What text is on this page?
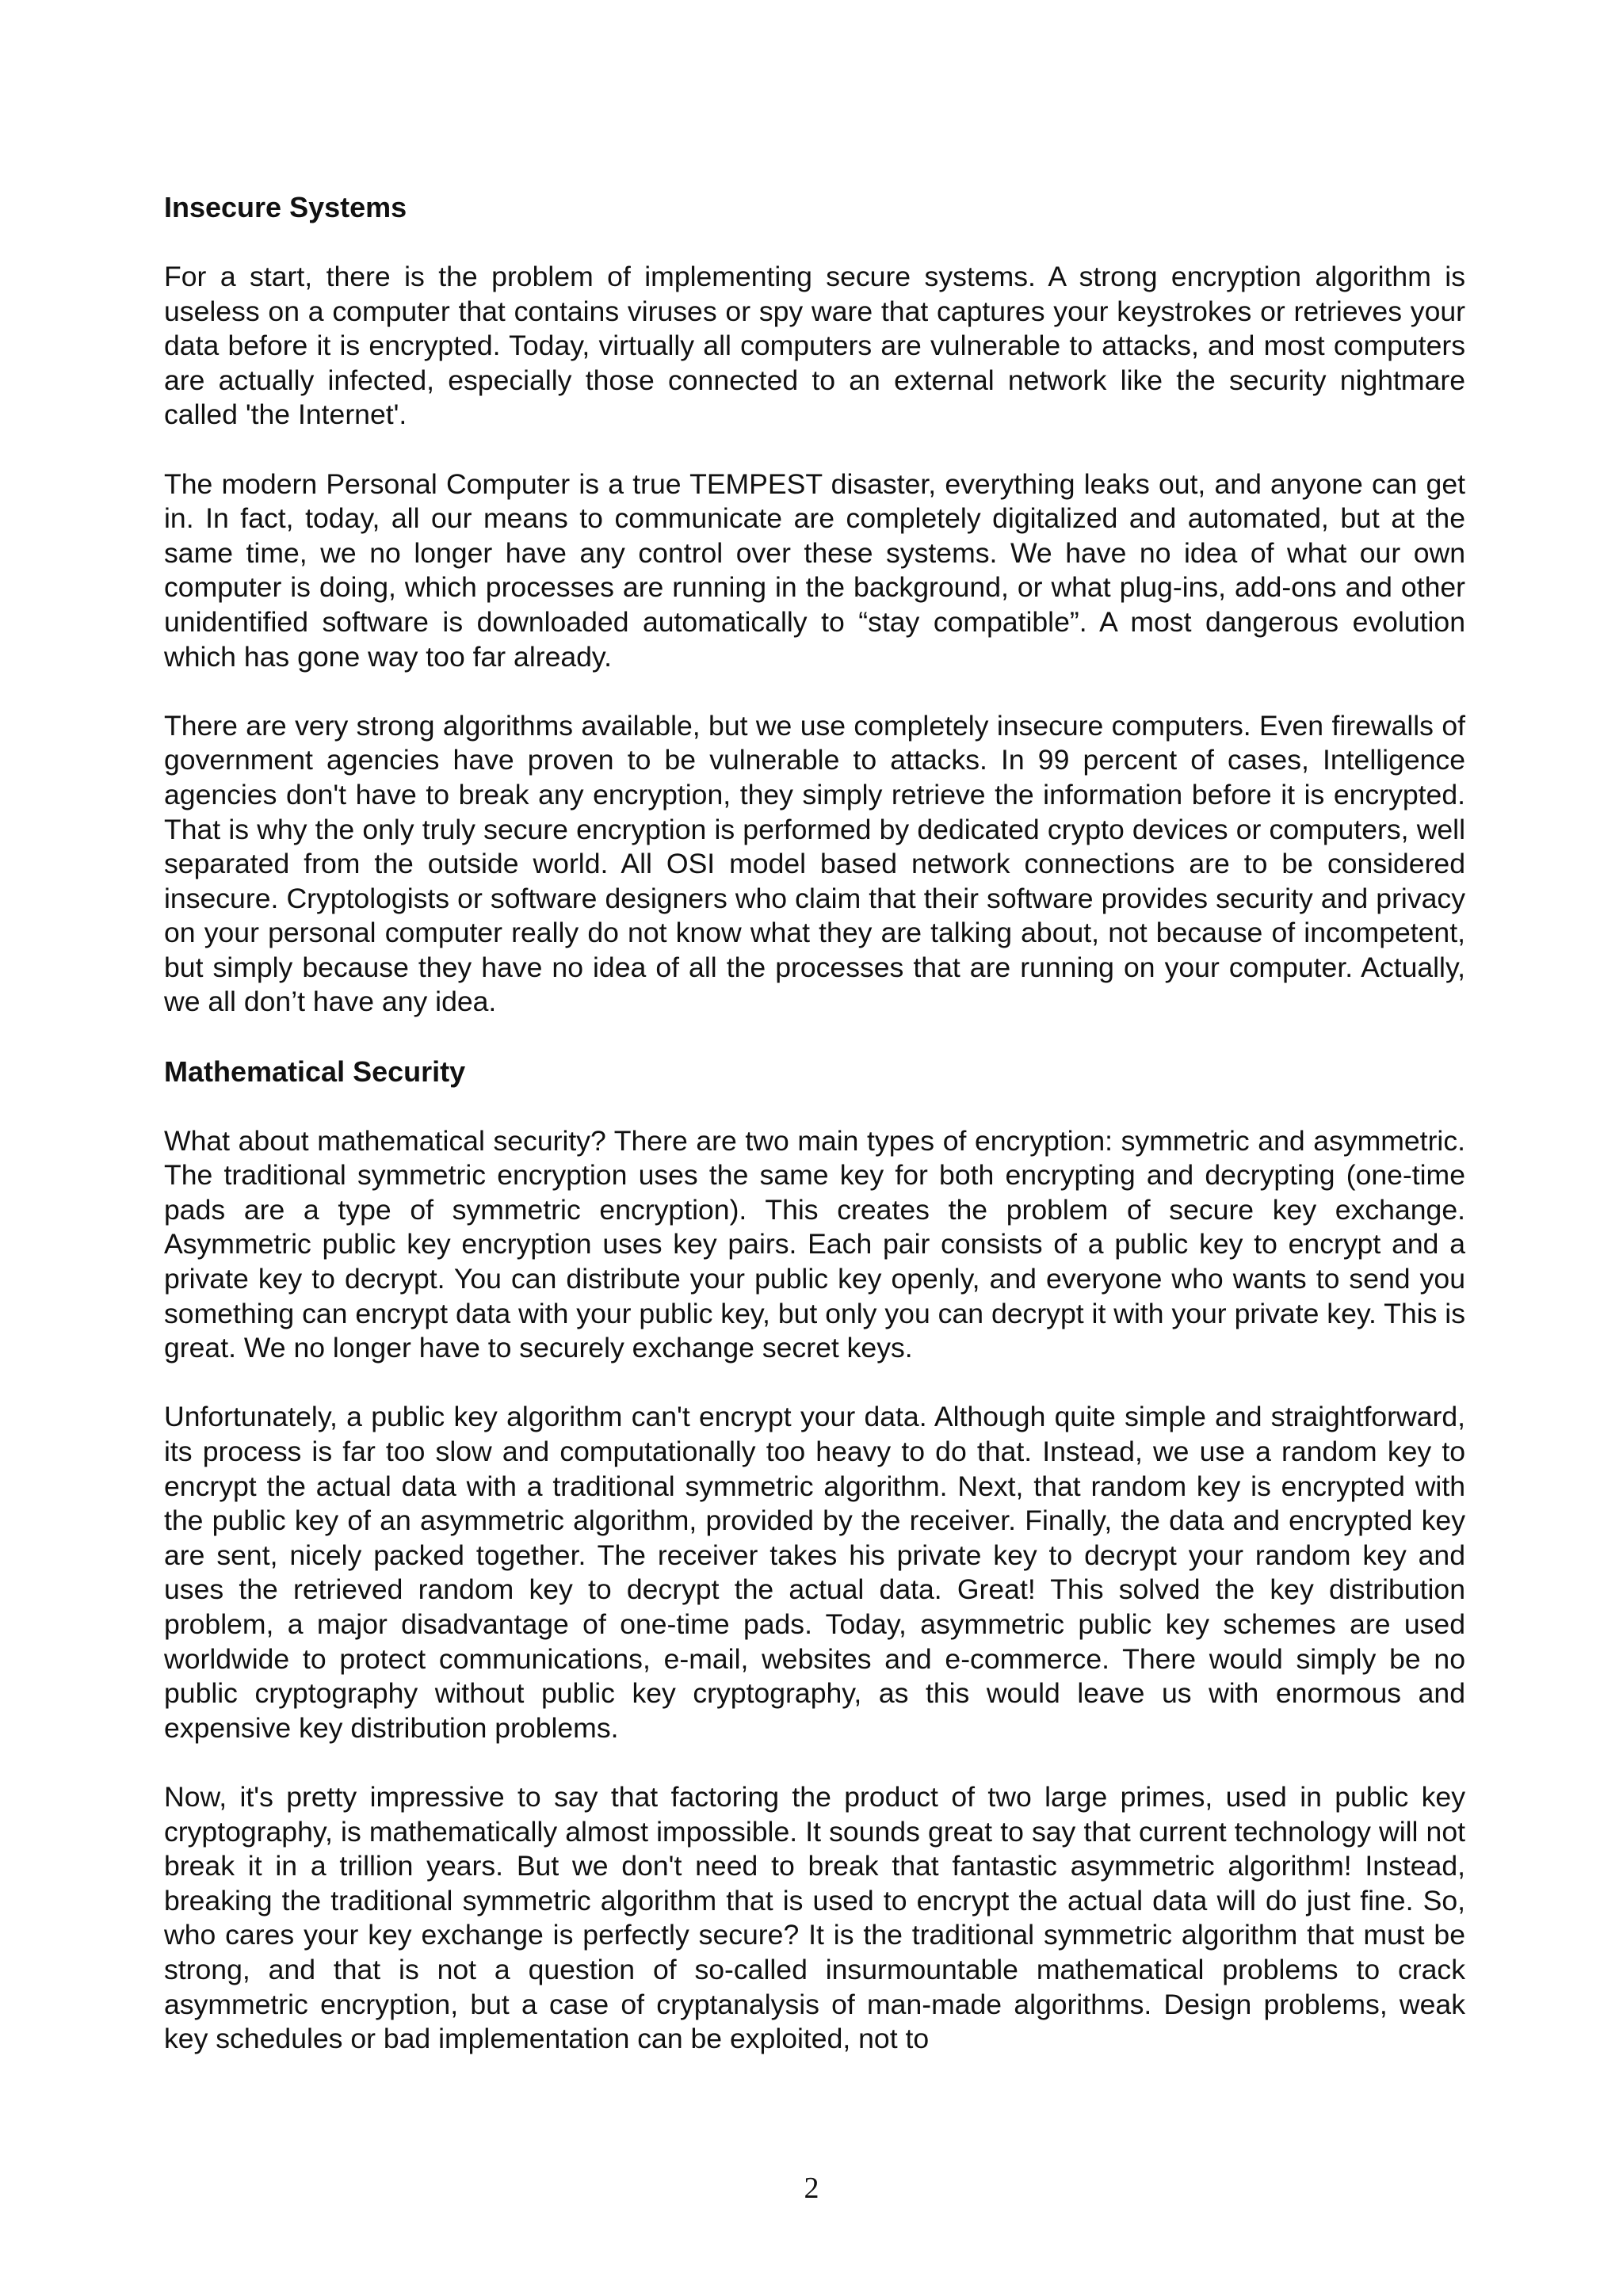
Insecure Systems

For a start, there is the problem of implementing secure systems. A strong encryption algorithm is useless on a computer that contains viruses or spy ware that captures your keystrokes or retrieves your data before it is encrypted. Today, virtually all computers are vulnerable to attacks, and most computers are actually infected, especially those connected to an external network like the security nightmare called 'the Internet'.

The modern Personal Computer is a true TEMPEST disaster, everything leaks out, and anyone can get in. In fact, today, all our means to communicate are completely digitalized and automated, but at the same time, we no longer have any control over these systems. We have no idea of what our own computer is doing, which processes are running in the background, or what plug-ins, add-ons and other unidentified software is downloaded automatically to “stay compatible”. A most dangerous evolution which has gone way too far already.

There are very strong algorithms available, but we use completely insecure computers. Even firewalls of government agencies have proven to be vulnerable to attacks. In 99 percent of cases, Intelligence agencies don't have to break any encryption, they simply retrieve the information before it is encrypted. That is why the only truly secure encryption is performed by dedicated crypto devices or computers, well separated from the outside world. All OSI model based network connections are to be considered insecure. Cryptologists or software designers who claim that their software provides security and privacy on your personal computer really do not know what they are talking about, not because of incompetent, but simply because they have no idea of all the processes that are running on your computer. Actually, we all don’t have any idea.

Mathematical Security

What about mathematical security? There are two main types of encryption: symmetric and asymmetric. The traditional symmetric encryption uses the same key for both encrypting and decrypting (one-time pads are a type of symmetric encryption). This creates the problem of secure key exchange. Asymmetric public key encryption uses key pairs. Each pair consists of a public key to encrypt and a private key to decrypt. You can distribute your public key openly, and everyone who wants to send you something can encrypt data with your public key, but only you can decrypt it with your private key. This is great. We no longer have to securely exchange secret keys.

Unfortunately, a public key algorithm can't encrypt your data. Although quite simple and straightforward, its process is far too slow and computationally too heavy to do that. Instead, we use a random key to encrypt the actual data with a traditional symmetric algorithm. Next, that random key is encrypted with the public key of an asymmetric algorithm, provided by the receiver. Finally, the data and encrypted key are sent, nicely packed together. The receiver takes his private key to decrypt your random key and uses the retrieved random key to decrypt the actual data. Great! This solved the key distribution problem, a major disadvantage of one-time pads. Today, asymmetric public key schemes are used worldwide to protect communications, e-mail, websites and e-commerce. There would simply be no public cryptography without public key cryptography, as this would leave us with enormous and expensive key distribution problems.

Now, it's pretty impressive to say that factoring the product of two large primes, used in public key cryptography, is mathematically almost impossible. It sounds great to say that current technology will not break it in a trillion years. But we don't need to break that fantastic asymmetric algorithm! Instead, breaking the traditional symmetric algorithm that is used to encrypt the actual data will do just fine. So, who cares your key exchange is perfectly secure? It is the traditional symmetric algorithm that must be strong, and that is not a question of so-called insurmountable mathematical problems to crack asymmetric encryption, but a case of cryptanalysis of man-made algorithms. Design problems, weak key schedules or bad implementation can be exploited, not to

2
